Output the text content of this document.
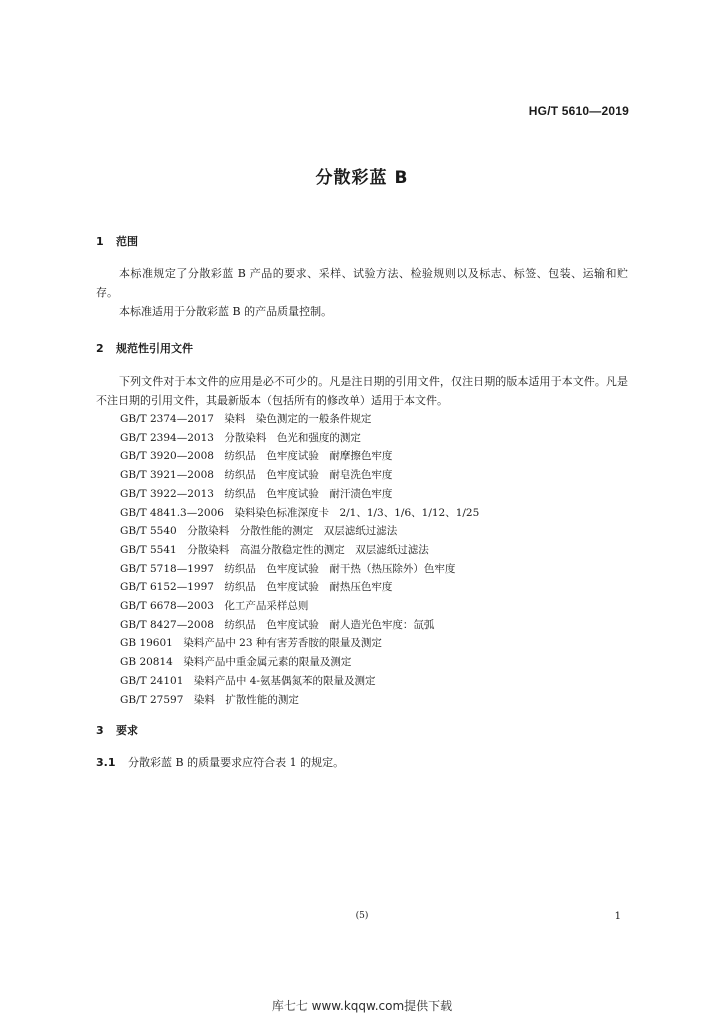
HG/T 5610—2019
分散彩蓝 B
1 范围
本标准规定了分散彩蓝 B 产品的要求、采样、试验方法、检验规则以及标志、标签、包装、运输和贮存。
本标准适用于分散彩蓝 B 的产品质量控制。
2 规范性引用文件
下列文件对于本文件的应用是必不可少的。凡是注日期的引用文件，仅注日期的版本适用于本文件。凡是不注日期的引用文件，其最新版本（包括所有的修改单）适用于本文件。
GB/T 2374—2017　染料　染色测定的一般条件规定
GB/T 2394—2013　分散染料　色光和强度的测定
GB/T 3920—2008　纺织品　色牢度试验　耐摩擦色牢度
GB/T 3921—2008　纺织品　色牢度试验　耐皂洗色牢度
GB/T 3922—2013　纺织品　色牢度试验　耐汗渍色牢度
GB/T 4841.3—2006　染料染色标准深度卡　2/1、1/3、1/6、1/12、1/25
GB/T 5540　分散染料　分散性能的测定　双层滤纸过滤法
GB/T 5541　分散染料　高温分散稳定性的测定　双层滤纸过滤法
GB/T 5718—1997　纺织品　色牢度试验　耐干热（热压除外）色牢度
GB/T 6152—1997　纺织品　色牢度试验　耐热压色牢度
GB/T 6678—2003　化工产品采样总则
GB/T 8427—2008　纺织品　色牢度试验　耐人造光色牢度：氙弧
GB 19601　染料产品中 23 种有害芳香胺的限量及测定
GB 20814　染料产品中重金属元素的限量及测定
GB/T 24101　染料产品中 4-氨基偶氮苯的限量及测定
GB/T 27597　染料　扩散性能的测定
3 要求
3.1 分散彩蓝 B 的质量要求应符合表 1 的规定。
(5)	1
库七七 www.kqqw.com提供下载
